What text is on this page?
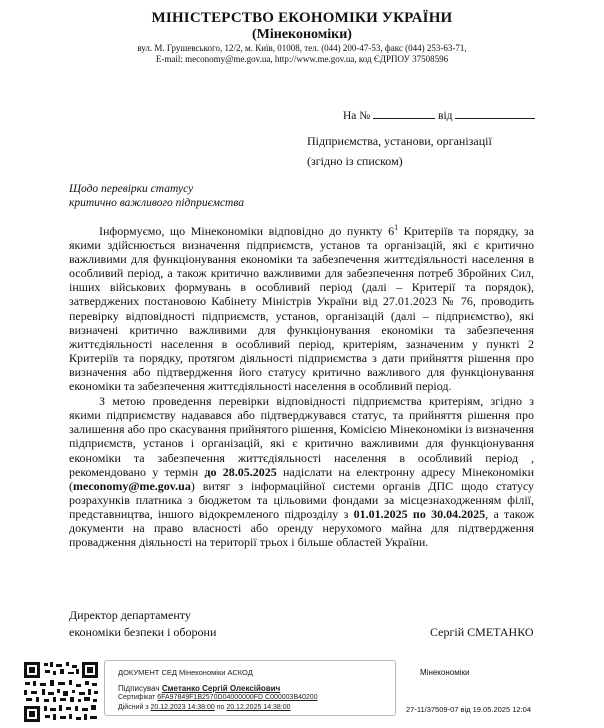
МІНІСТЕРСТВО ЕКОНОМІКИ УКРАЇНИ
(Мінекономіки)
вул. М. Грушевського, 12/2, м. Київ, 01008, тел. (044) 200-47-53, факс (044) 253-63-71,
E-mail: meconomy@me.gov.ua, http://www.me.gov.ua, код ЄДРПОУ 37508596
На №	від
Підприємства, установи, організації
(згідно із списком)
Щодо перевірки статусу
критично важливого підприємства

Інформуємо, що Мінекономіки відповідно до пункту $6^1$ Критеріїв та порядку, за якими здійснюється визначення підприємств, установ та організацій, які є критично важливими для функціонування економіки та забезпечення життєдіяльності населення в особливий період, а також критично важливими для забезпечення потреб Збройних Сил, інших військових формувань в особливий період (далі – Критерії та порядок), затверджених постановою Кабінету Міністрів України від 27.01.2023 № 76, проводить перевірку відповідності підприємств, установ, організацій (далі – підприємство), які визначені критично важливими для функціонування економіки та забезпечення життєдіяльності населення в особливий період, критеріям, зазначеним у пункті 2 Критеріїв та порядку, протягом діяльності підприємства з дати прийняття рішення про визначення або підтвердження його статусу критично важливого для функціонування економіки та забезпечення життєдіяльності населення в особливий період.

З метою проведення перевірки відповідності підприємства критеріям, згідно з якими підприємству надавався або підтверджувався статус, та прийняття рішення про залишення або про скасування прийнятого рішення, Комісією Мінекономіки із визначення підприємств, установ і організацій, які є критично важливими для функціонування економіки та забезпечення життєдіяльності населення в особливий період , рекомендовано у термін до 28.05.2025 надіслати на електронну адресу Мінекономіки (meconomy@me.gov.ua) витяг з інформаційної системи органів ДПС щодо статусу розрахунків платника з бюджетом та цільовими фондами за місцезнаходженням філії, представництва, іншого відокремленого підрозділу з 01.01.2025 по 30.04.2025, а також документи на право власності або оренду нерухомого майна для підтвердження провадження діяльності на території трьох і більше областей України.

Директор департаменту
економіки безпеки і оборони	Сергій СМЕТАНКО
ДОКУМЕНТ СЕД Мінекономіки АСКОД
Підписувач Сметанко Сергій Олексійович
Сертифікат 6FA97849F1B2570D04000000FD C000003B40200
Дійсний з 20.12.2023 14:38:00 по 20.12.2025 14:38:00
Мінекономіки
27-11/37509-07 від 19.05.2025 12:04
